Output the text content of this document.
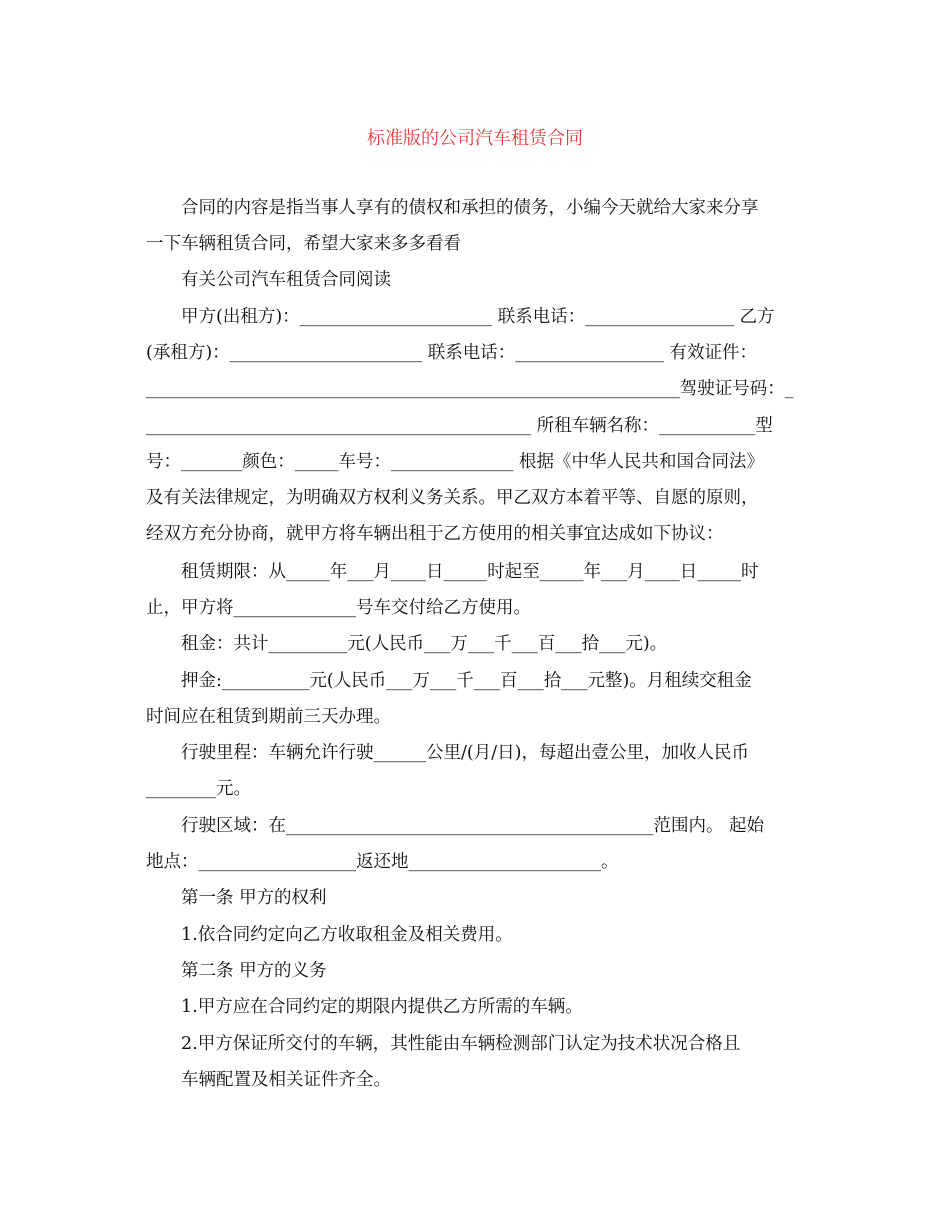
标准版的公司汽车租赁合同
合同的内容是指当事人享有的债权和承担的债务，小编今天就给大家来分享
一下车辆租赁合同，希望大家来多多看看
有关公司汽车租赁合同阅读
甲方(出租方)：______________________ 联系电话：_________________ 乙方
(承租方)：______________________ 联系电话：_________________ 有效证件：
_____________________________________________________________驾驶证号码：_
____________________________________________ 所租车辆名称：___________型
号：_______颜色：_____车号：______________ 根据《中华人民共和国合同法》
及有关法律规定，为明确双方权利义务关系。甲乙双方本着平等、自愿的原则，
经双方充分协商，就甲方将车辆出租于乙方使用的相关事宜达成如下协议：
租赁期限：从_____年___月____日_____时起至_____年___月____日_____时
止，甲方将______________号车交付给乙方使用。
租金：共计_________元(人民币___万___千___百___拾___元)。
押金:__________元(人民币___万___千___百___拾___元整)。月租续交租金
时间应在租赁到期前三天办理。
行驶里程：车辆允许行驶______公里/(月/日)，每超出壹公里，加收人民币
________元。
行驶区域：在__________________________________________范围内。 起始
地点：__________________返还地______________________。
第一条 甲方的权利
1.依合同约定向乙方收取租金及相关费用。
第二条 甲方的义务
1.甲方应在合同约定的期限内提供乙方所需的车辆。
2.甲方保证所交付的车辆，其性能由车辆检测部门认定为技术状况合格且
车辆配置及相关证件齐全。
